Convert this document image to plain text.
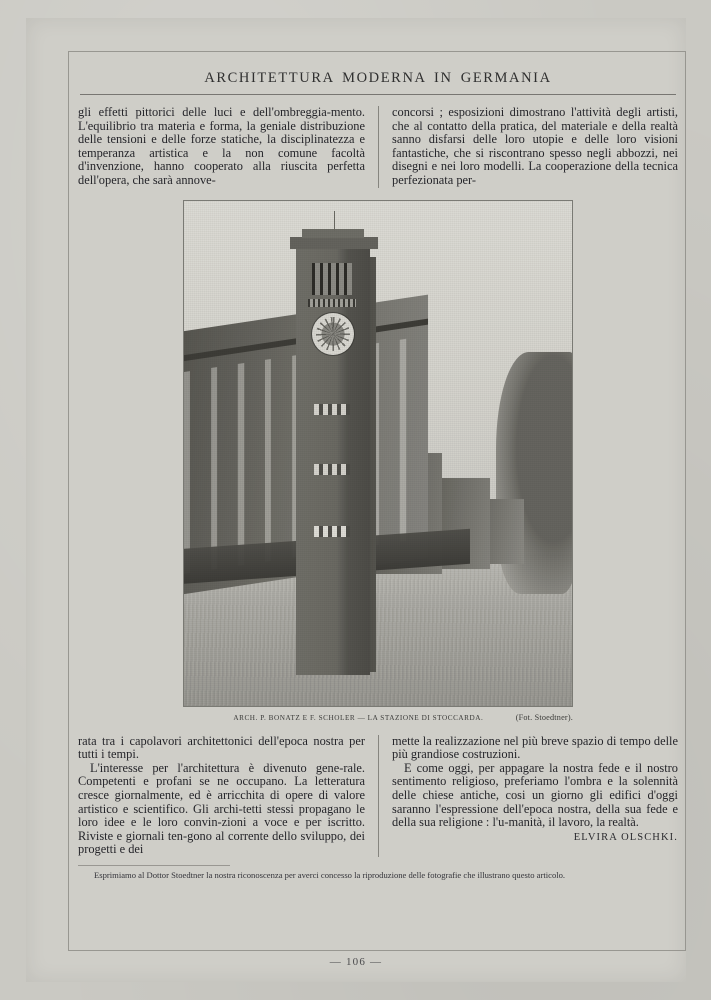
ARCHITETTURA MODERNA IN GERMANIA

gli effetti pittorici delle luci e dell'ombreggia-mento. L'equilibrio tra materia e forma, la geniale distribuzione delle tensioni e delle forze statiche, la disciplinatezza e temperanza artistica e la non comune facoltà d'invenzione, hanno cooperato alla riuscita perfetta dell'opera, che sarà annove-

concorsi ; esposizioni dimostrano l'attività degli artisti, che al contatto della pratica, del materiale e della realtà sanno disfarsi delle loro utopie e delle loro visioni fantastiche, che si riscontrano spesso negli abbozzi, nei disegni e nei loro modelli. La cooperazione della tecnica perfezionata per-

ARCH. P. BONATZ E F. SCHOLER — LA STAZIONE DI STOCCARDA.	(Fot. Stoedtner).

rata tra i capolavori architettonici dell'epoca nostra per tutti i tempi.

L'interesse per l'architettura è divenuto gene-rale. Competenti e profani se ne occupano. La letteratura cresce giornalmente, ed è arricchita di opere di valore artistico e scientifico. Gli archi-tetti stessi propagano le loro idee e le loro convin-zioni a voce e per iscritto. Riviste e giornali ten-gono al corrente dello sviluppo, dei progetti e dei

mette la realizzazione nel più breve spazio di tempo delle più grandiose costruzioni.

E come oggi, per appagare la nostra fede e il nostro sentimento religioso, preferiamo l'ombra e la solennità delle chiese antiche, cosi un giorno gli edifici d'oggi saranno l'espressione dell'epoca nostra, della sua fede e della sua religione : l'u-manità, il lavoro, la realtà.

ELVIRA OLSCHKI.

Esprimiamo al Dottor Stoedtner la nostra riconoscenza per averci concesso la riproduzione delle fotografie che illustrano questo articolo.

— 106 —
